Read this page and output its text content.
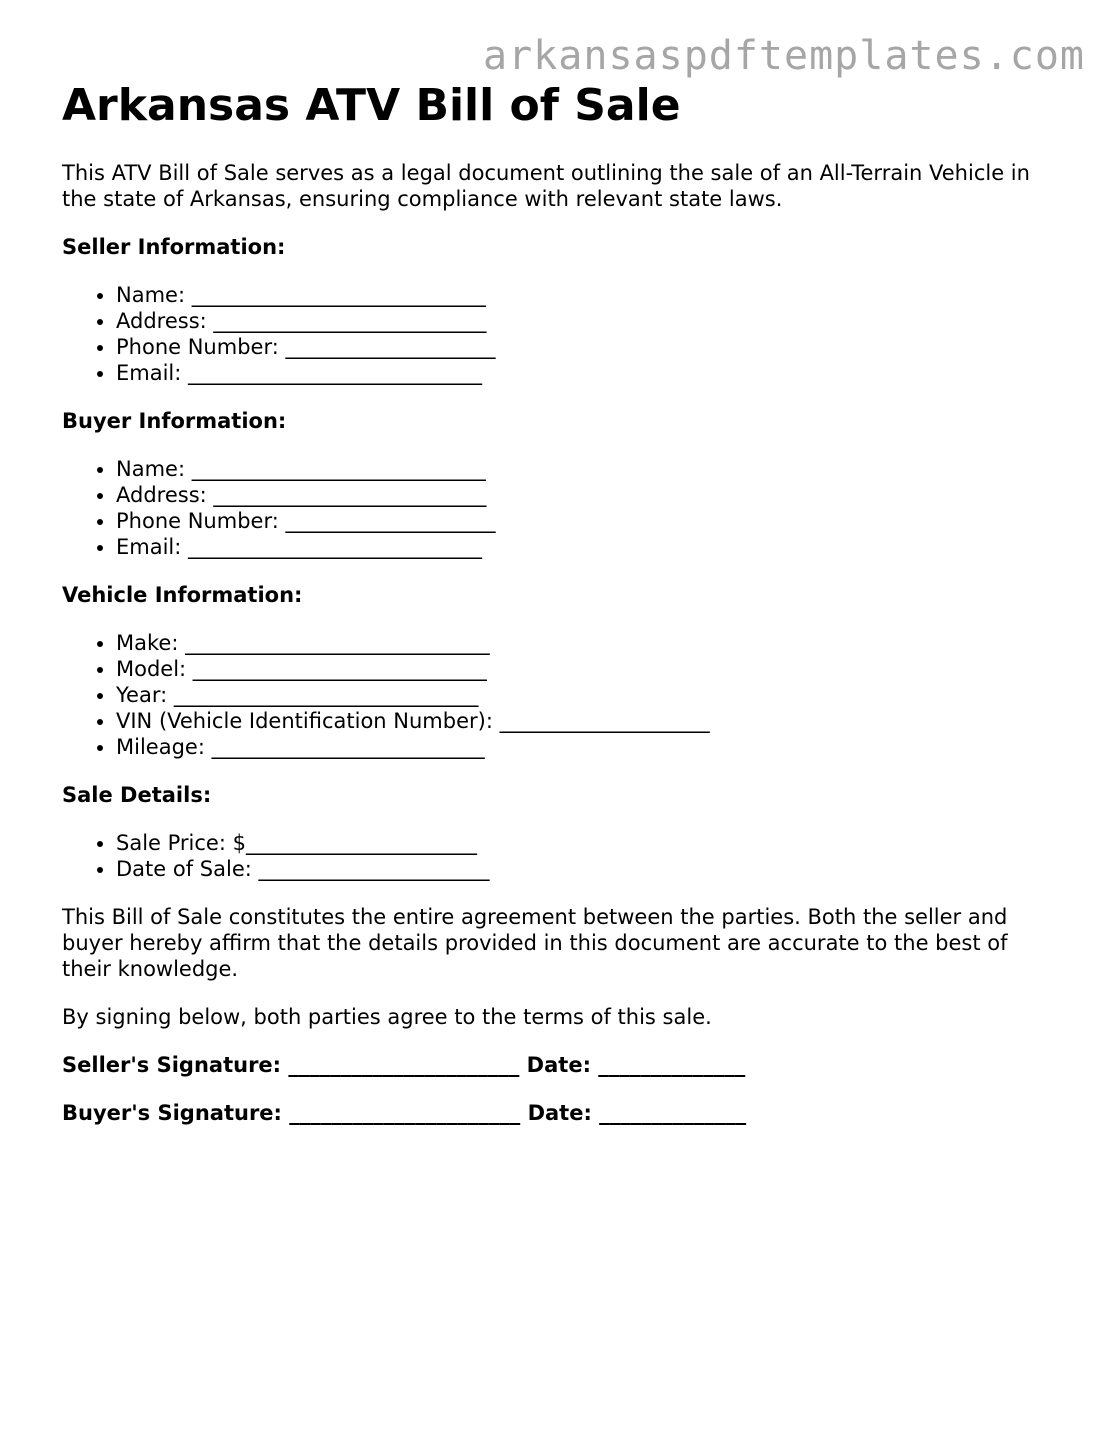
arkansaspdftemplates.com
Arkansas ATV Bill of Sale

This ATV Bill of Sale serves as a legal document outlining the sale of an All-Terrain Vehicle in the state of Arkansas, ensuring compliance with relevant state laws.

Seller Information:
• Name: ____________________________
• Address: __________________________
• Phone Number: ____________________
• Email: ____________________________
Buyer Information:
• Name: ____________________________
• Address: __________________________
• Phone Number: ____________________
• Email: ____________________________
Vehicle Information:
• Make: _____________________________
• Model: ____________________________
• Year: _____________________________
• VIN (Vehicle Identification Number): ____________________
• Mileage: __________________________
Sale Details:
• Sale Price: $______________________
• Date of Sale: ______________________

This Bill of Sale constitutes the entire agreement between the parties. Both the seller and buyer hereby affirm that the details provided in this document are accurate to the best of their knowledge.

By signing below, both parties agree to the terms of this sale.

Seller's Signature: ______________________ Date: ______________
Buyer's Signature: ______________________ Date: ______________
